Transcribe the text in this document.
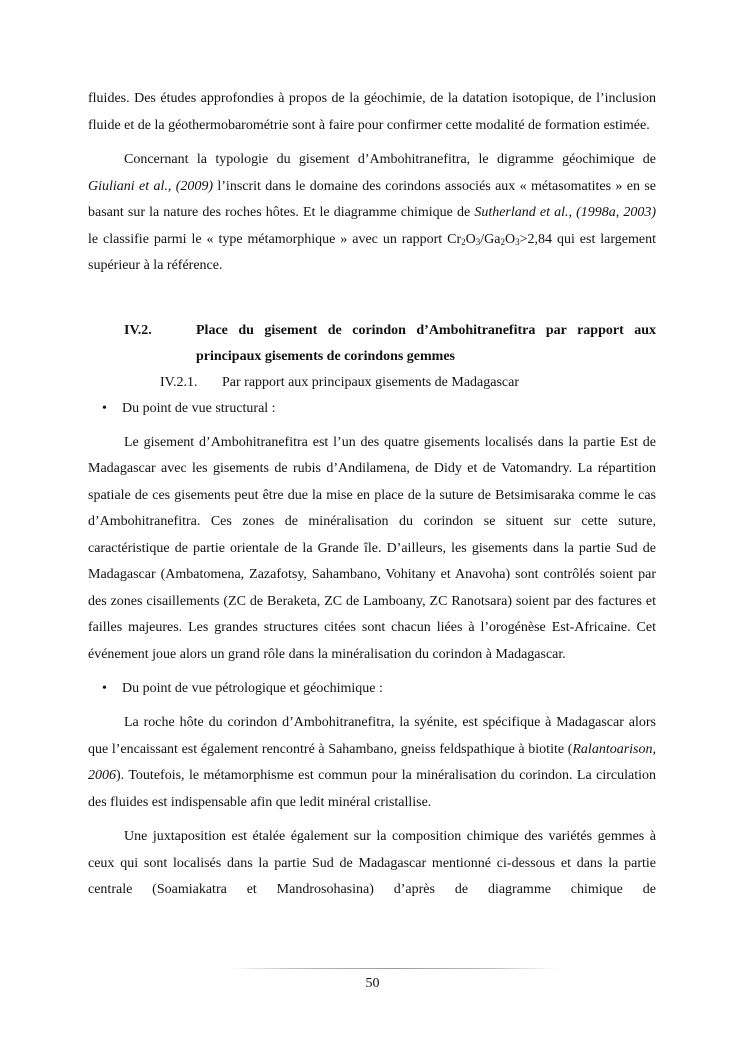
fluides. Des études approfondies à propos de la géochimie, de la datation isotopique, de l’inclusion fluide et de la géothermobarométrie sont à faire pour confirmer cette modalité de formation estimée.

Concernant la typologie du gisement d’Ambohitranefitra, le digramme géochimique de Giuliani et al., (2009) l’inscrit dans le domaine des corindons associés aux « métasomatites » en se basant sur la nature des roches hôtes. Et le diagramme chimique de Sutherland et al., (1998a, 2003) le classifie parmi le « type métamorphique » avec un rapport $Cr_2O_3/Ga_2O_3>2,84$ qui est largement supérieur à la référence.

IV.2.	Place du gisement de corindon d’Ambohitranefitra par rapport aux principaux gisements de corindons gemmes
IV.2.1. Par rapport aux principaux gisements de Madagascar
• Du point de vue structural :

Le gisement d’Ambohitranefitra est l’un des quatre gisements localisés dans la partie Est de Madagascar avec les gisements de rubis d’Andilamena, de Didy et de Vatomandry. La répartition spatiale de ces gisements peut être due la mise en place de la suture de Betsimisaraka comme le cas d’Ambohitranefitra. Ces zones de minéralisation du corindon se situent sur cette suture, caractéristique de partie orientale de la Grande île. D’ailleurs, les gisements dans la partie Sud de Madagascar (Ambatomena, Zazafotsy, Sahambano, Vohitany et Anavoha) sont contrôlés soient par des zones cisaillements (ZC de Beraketa, ZC de Lamboany, ZC Ranotsara) soient par des factures et failles majeures. Les grandes structures citées sont chacun liées à l’orogénèse Est-Africaine. Cet événement joue alors un grand rôle dans la minéralisation du corindon à Madagascar.

• Du point de vue pétrologique et géochimique :

La roche hôte du corindon d’Ambohitranefitra, la syénite, est spécifique à Madagascar alors que l’encaissant est également rencontré à Sahambano, gneiss feldspathique à biotite (Ralantoarison, 2006). Toutefois, le métamorphisme est commun pour la minéralisation du corindon. La circulation des fluides est indispensable afin que ledit minéral cristallise.

Une juxtaposition est étalée également sur la composition chimique des variétés gemmes à ceux qui sont localisés dans la partie Sud de Madagascar mentionné ci-dessous et dans la partie centrale (Soamiakatra et Mandrosohasina) d’après de diagramme chimique de

50
